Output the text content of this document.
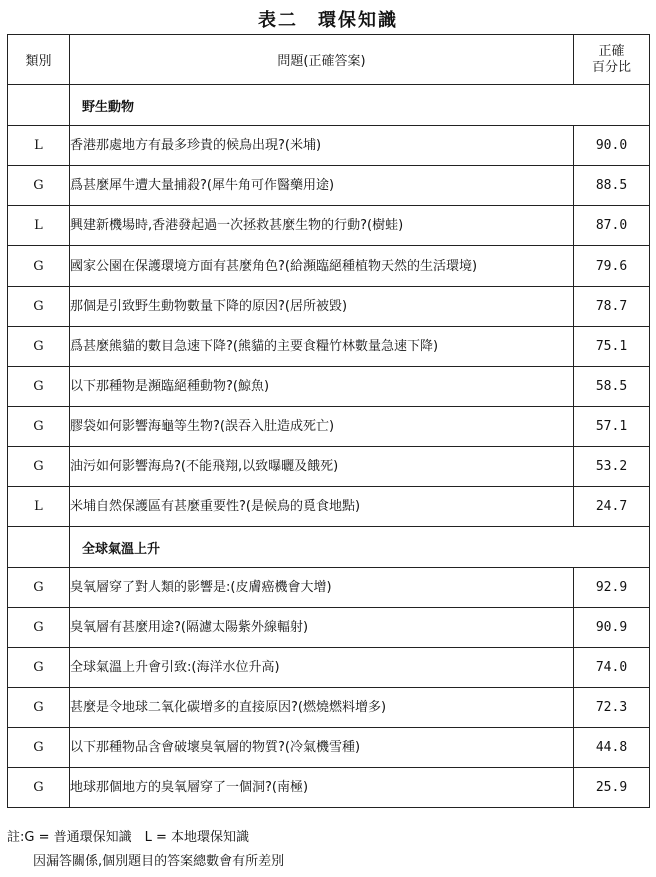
表二　環保知識
類別	問題(正確答案)	正確
百分比

	野生動物	
L	香港那處地方有最多珍貴的候鳥出現?(米埔)	90.0
G	爲甚麼犀牛遭大量捕殺?(犀牛角可作醫藥用途)	88.5
L	興建新機場時,香港發起過一次拯救甚麼生物的行動?(樹蛙)	87.0
G	國家公園在保護環境方面有甚麼角色?(給瀕臨絕種植物天然的生活環境)	79.6
G	那個是引致野生動物數量下降的原因?(居所被毀)	78.7
G	爲甚麼熊貓的數目急速下降?(熊貓的主要食糧竹林數量急速下降)	75.1
G	以下那種物是瀕臨絕種動物?(鯨魚)	58.5
G	膠袋如何影響海龜等生物?(誤吞入肚造成死亡)	57.1
G	油污如何影響海鳥?(不能飛翔,以致曝曬及餓死)	53.2
L	米埔自然保護區有甚麼重要性?(是候鳥的覓食地點)	24.7
	全球氣溫上升	
G	臭氧層穿了對人類的影響是:(皮膚癌機會大增)	92.9
G	臭氧層有甚麼用途?(隔濾太陽紫外線輻射)	90.9
G	全球氣溫上升會引致:(海洋水位升高)	74.0
G	甚麼是令地球二氧化碳增多的直接原因?(燃燒燃料增多)	72.3
G	以下那種物品含會破壞臭氧層的物質?(冷氣機雪種)	44.8
G	地球那個地方的臭氧層穿了一個洞?(南極)	25.9
註:G = 普通環保知識　L = 本地環保知識
因漏答關係,個別題目的答案總數會有所差別
